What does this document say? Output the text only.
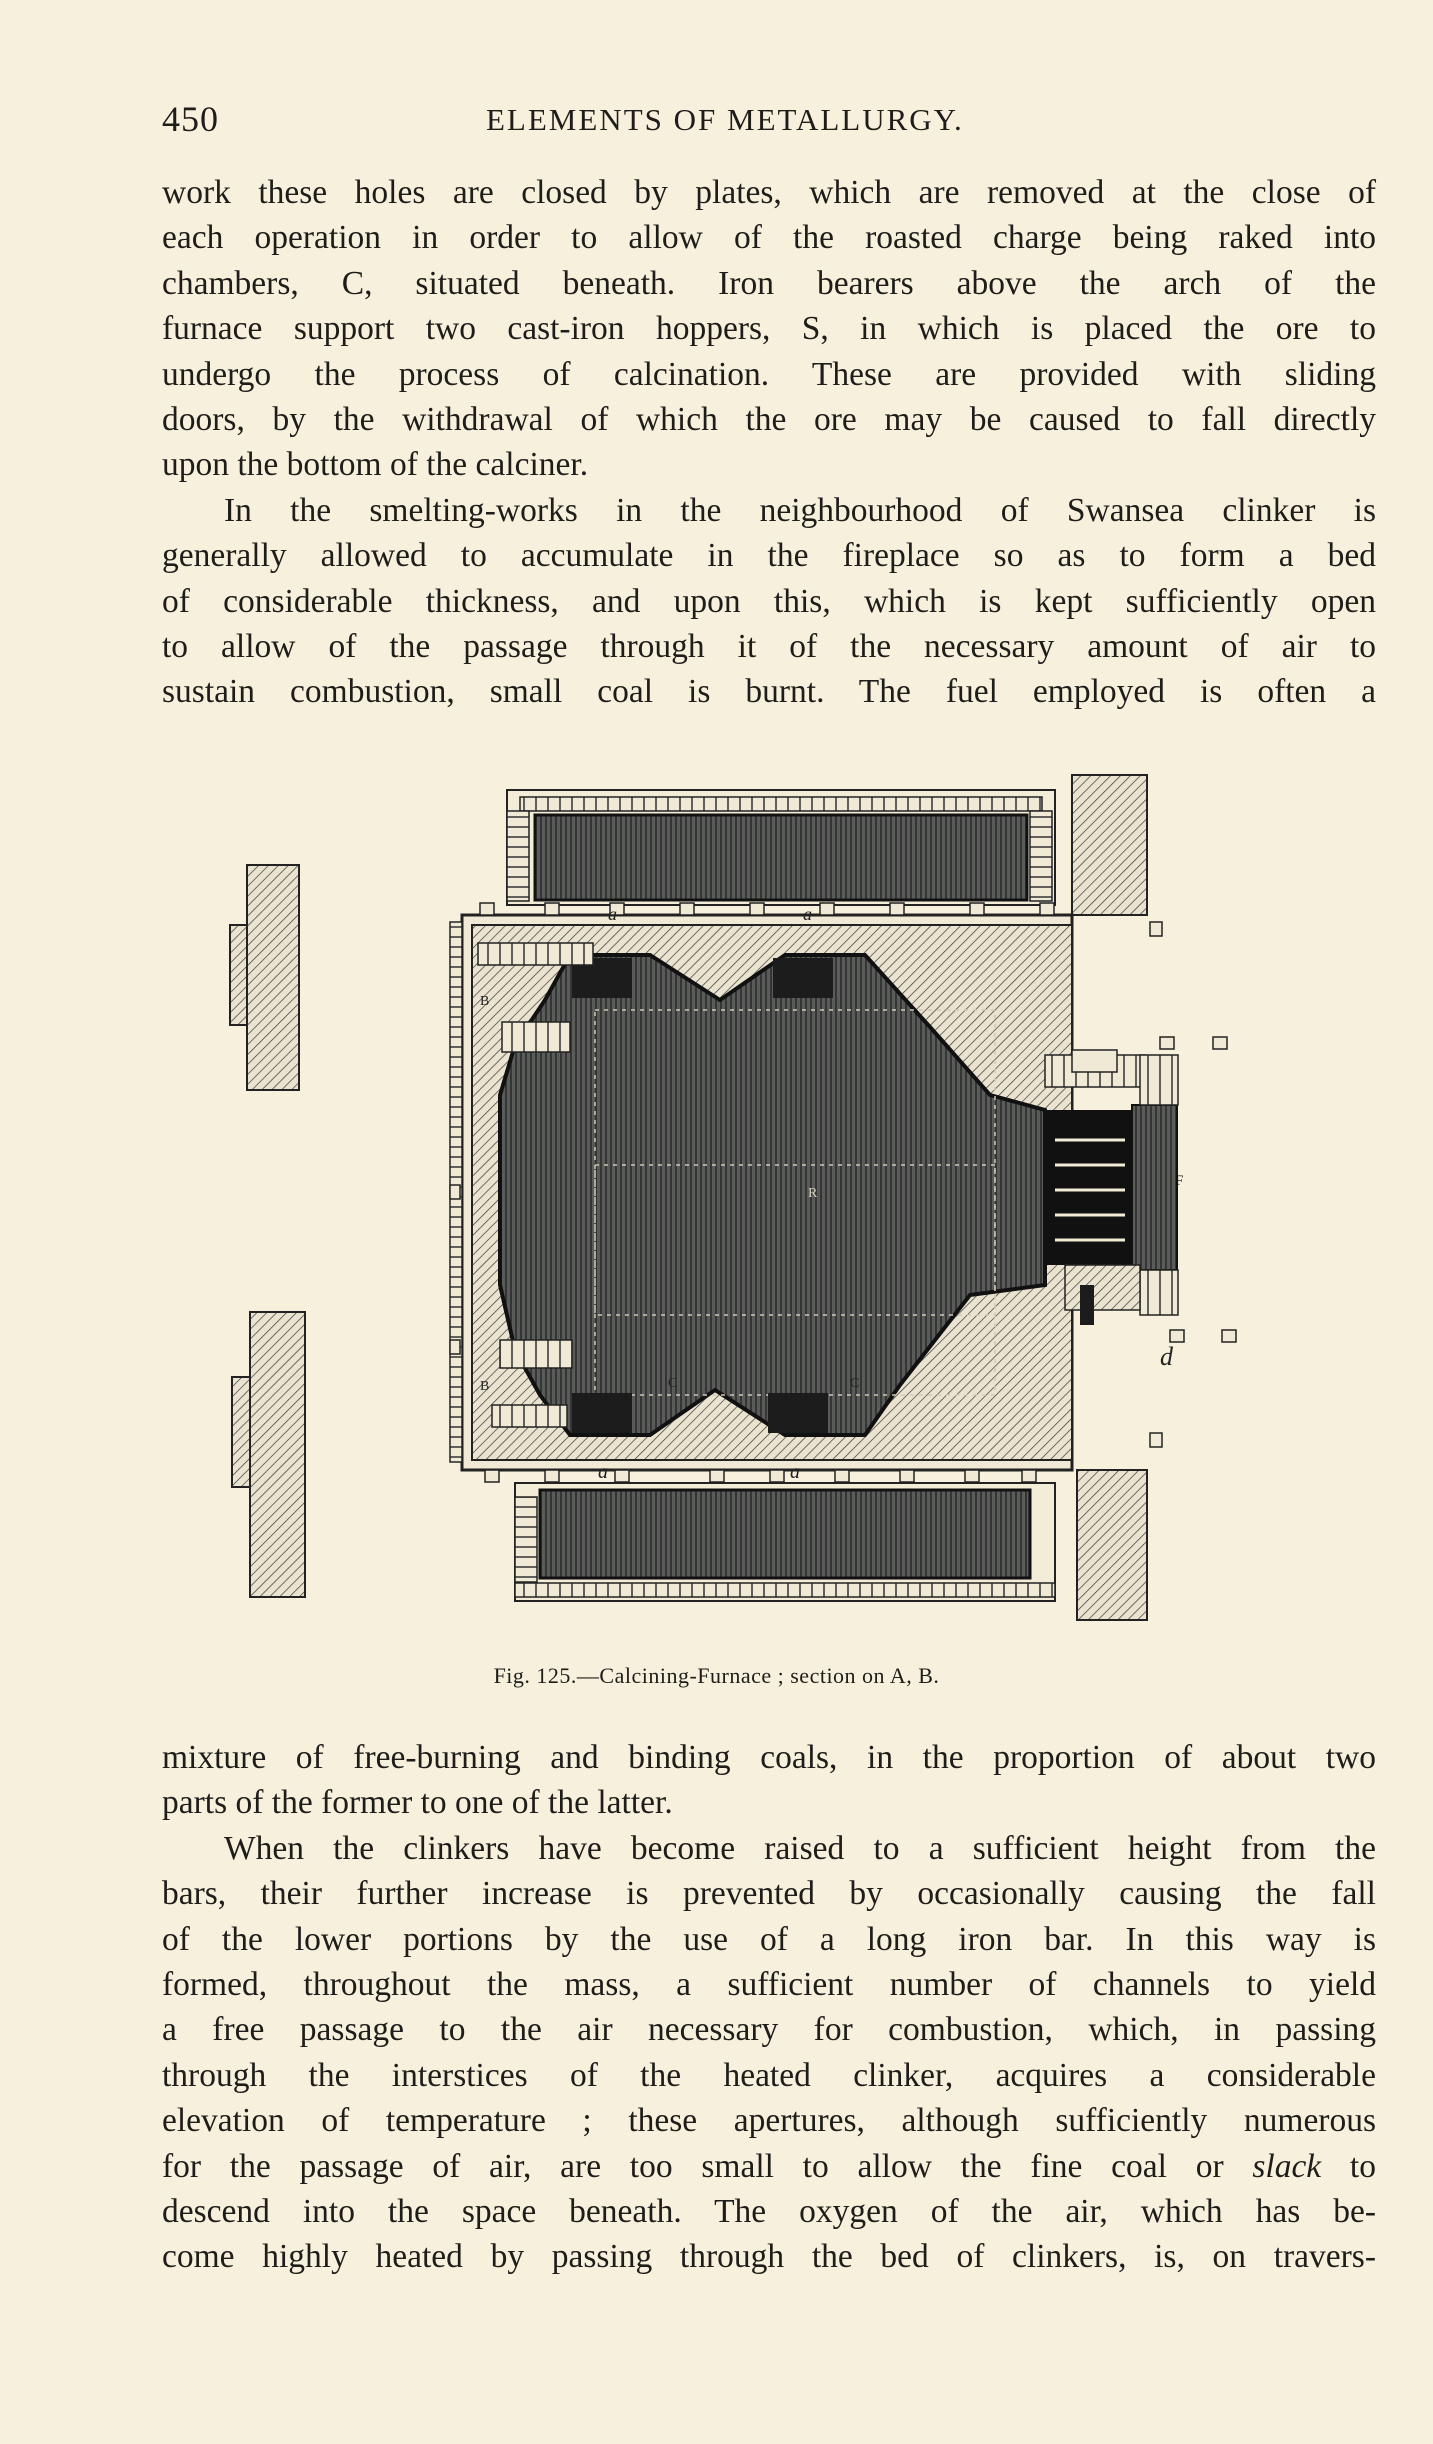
450	ELEMENTS OF METALLURGY.

work these holes are closed by plates, which are removed at the close of
each operation in order to allow of the roasted charge being raked into
chambers, C, situated beneath. Iron bearers above the arch of the
furnace support two cast-iron hoppers, S, in which is placed the ore to
undergo the process of calcination. These are provided with sliding
doors, by the withdrawal of which the ore may be caused to fall directly
upon the bottom of the calciner.

In the smelting-works in the neighbourhood of Swansea clinker is
generally allowed to accumulate in the fireplace so as to form a bed
of considerable thickness, and upon this, which is kept sufficiently open
to allow of the passage through it of the necessary amount of air to
sustain combustion, small coal is burnt. The fuel employed is often a

a	a
a	a
B
B	C	C
R
F
d
Fig. 125.—Calcining-Furnace ; section on A, B.

mixture of free-burning and binding coals, in the proportion of about two
parts of the former to one of the latter.

When the clinkers have become raised to a sufficient height from the
bars, their further increase is prevented by occasionally causing the fall
of the lower portions by the use of a long iron bar. In this way is
formed, throughout the mass, a sufficient number of channels to yield
a free passage to the air necessary for combustion, which, in passing
through the interstices of the heated clinker, acquires a considerable
elevation of temperature ; these apertures, although sufficiently numerous
for the passage of air, are too small to allow the fine coal or slack to
descend into the space beneath. The oxygen of the air, which has be-
come highly heated by passing through the bed of clinkers, is, on travers-
